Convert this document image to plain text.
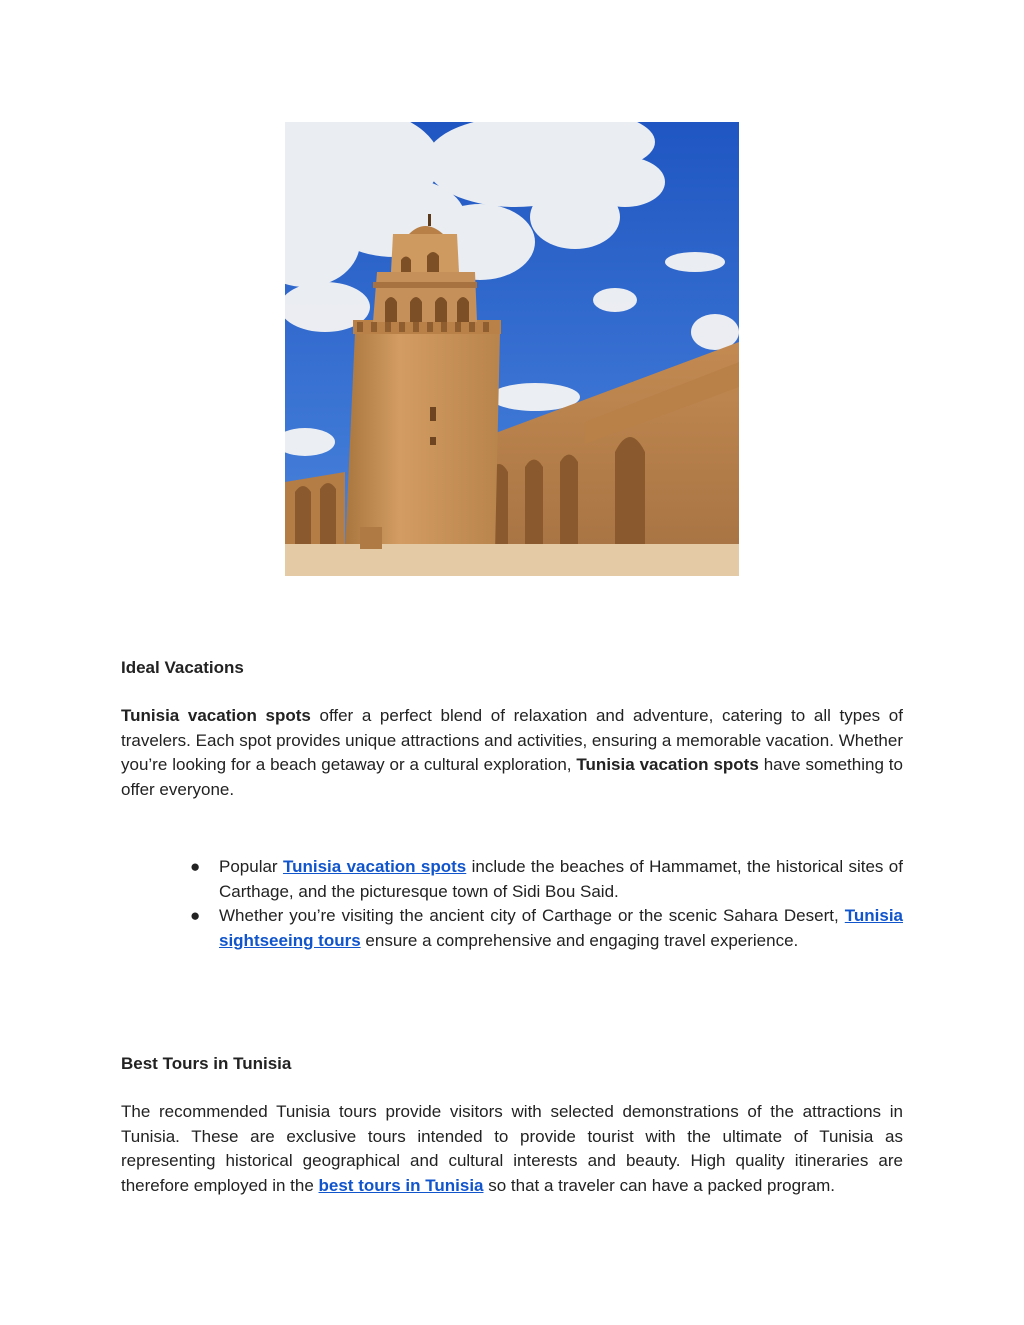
Ideal Vacations

Tunisia vacation spots offer a perfect blend of relaxation and adventure, catering to all types of travelers. Each spot provides unique attractions and activities, ensuring a memorable vacation. Whether you’re looking for a beach getaway or a cultural exploration, Tunisia vacation spots have something to offer everyone.

● Popular Tunisia vacation spots include the beaches of Hammamet, the historical sites of Carthage, and the picturesque town of Sidi Bou Said.
● Whether you’re visiting the ancient city of Carthage or the scenic Sahara Desert, Tunisia sightseeing tours ensure a comprehensive and engaging travel experience.
Best Tours in Tunisia

The recommended Tunisia tours provide visitors with selected demonstrations of the attractions in Tunisia. These are exclusive tours intended to provide tourist with the ultimate of Tunisia as representing historical geographical and cultural interests and beauty. High quality itineraries are therefore employed in the best tours in Tunisia so that a traveler can have a packed program.
